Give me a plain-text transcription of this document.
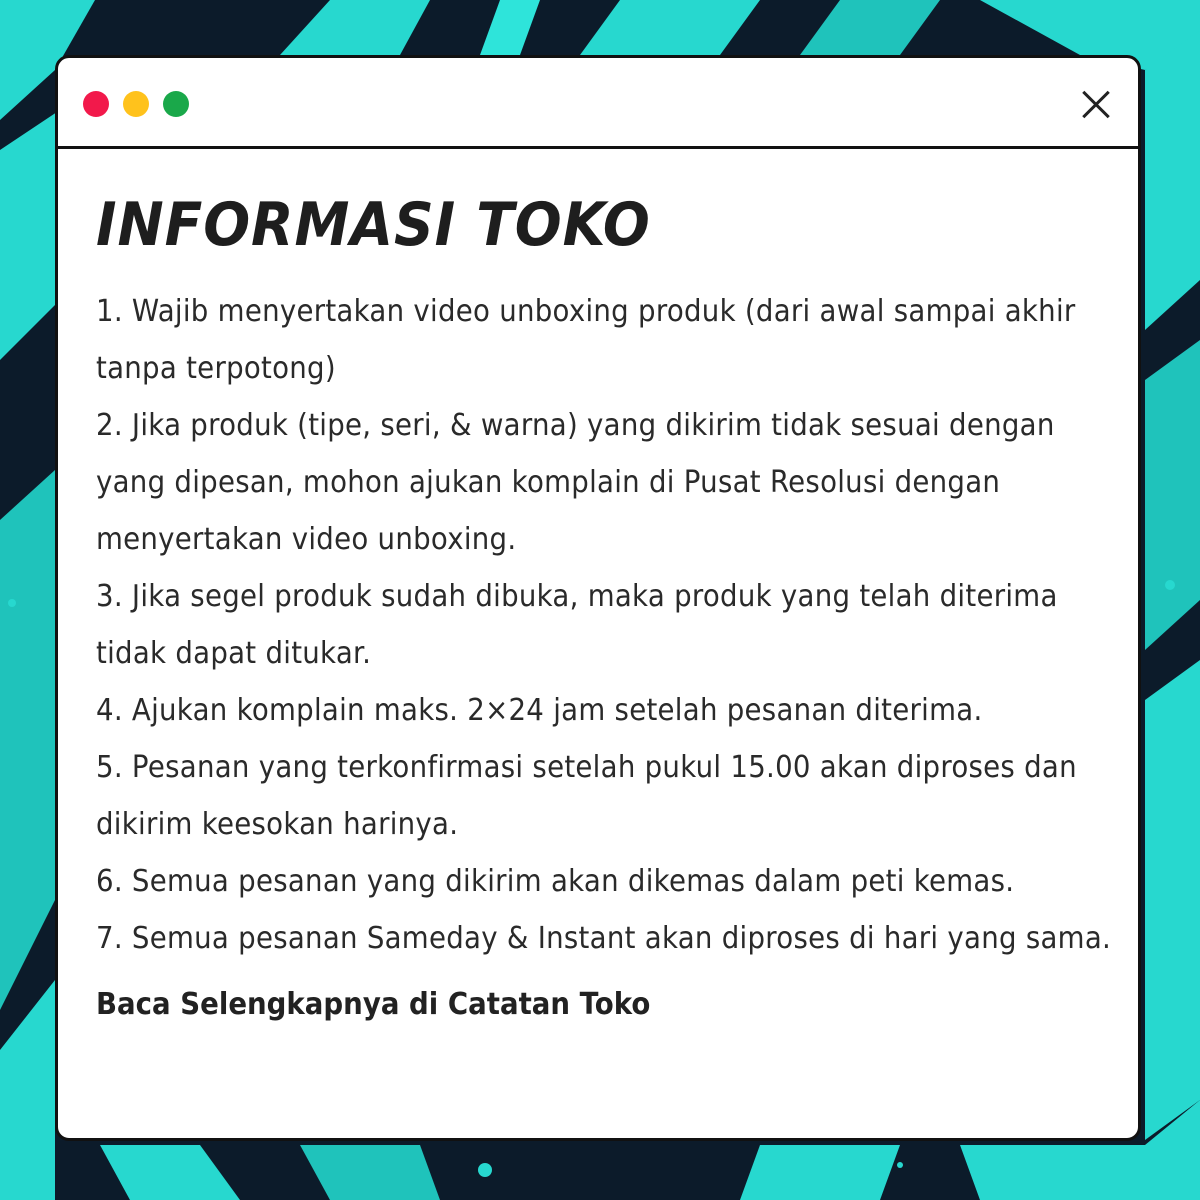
INFORMASI TOKO
1. Wajib menyertakan video unboxing produk (dari awal sampai akhir tanpa terpotong)
2. Jika produk (tipe, seri, & warna) yang dikirim tidak sesuai dengan yang dipesan, mohon ajukan komplain di Pusat Resolusi dengan menyertakan video unboxing.
3. Jika segel produk sudah dibuka, maka produk yang telah diterima tidak dapat ditukar.
4. Ajukan komplain maks. 2×24 jam setelah pesanan diterima.
5. Pesanan yang terkonfirmasi setelah pukul 15.00 akan diproses dan dikirim keesokan harinya.
6. Semua pesanan yang dikirim akan dikemas dalam peti kemas.
7. Semua pesanan Sameday & Instant akan diproses di hari yang sama.
Baca Selengkapnya di Catatan Toko
